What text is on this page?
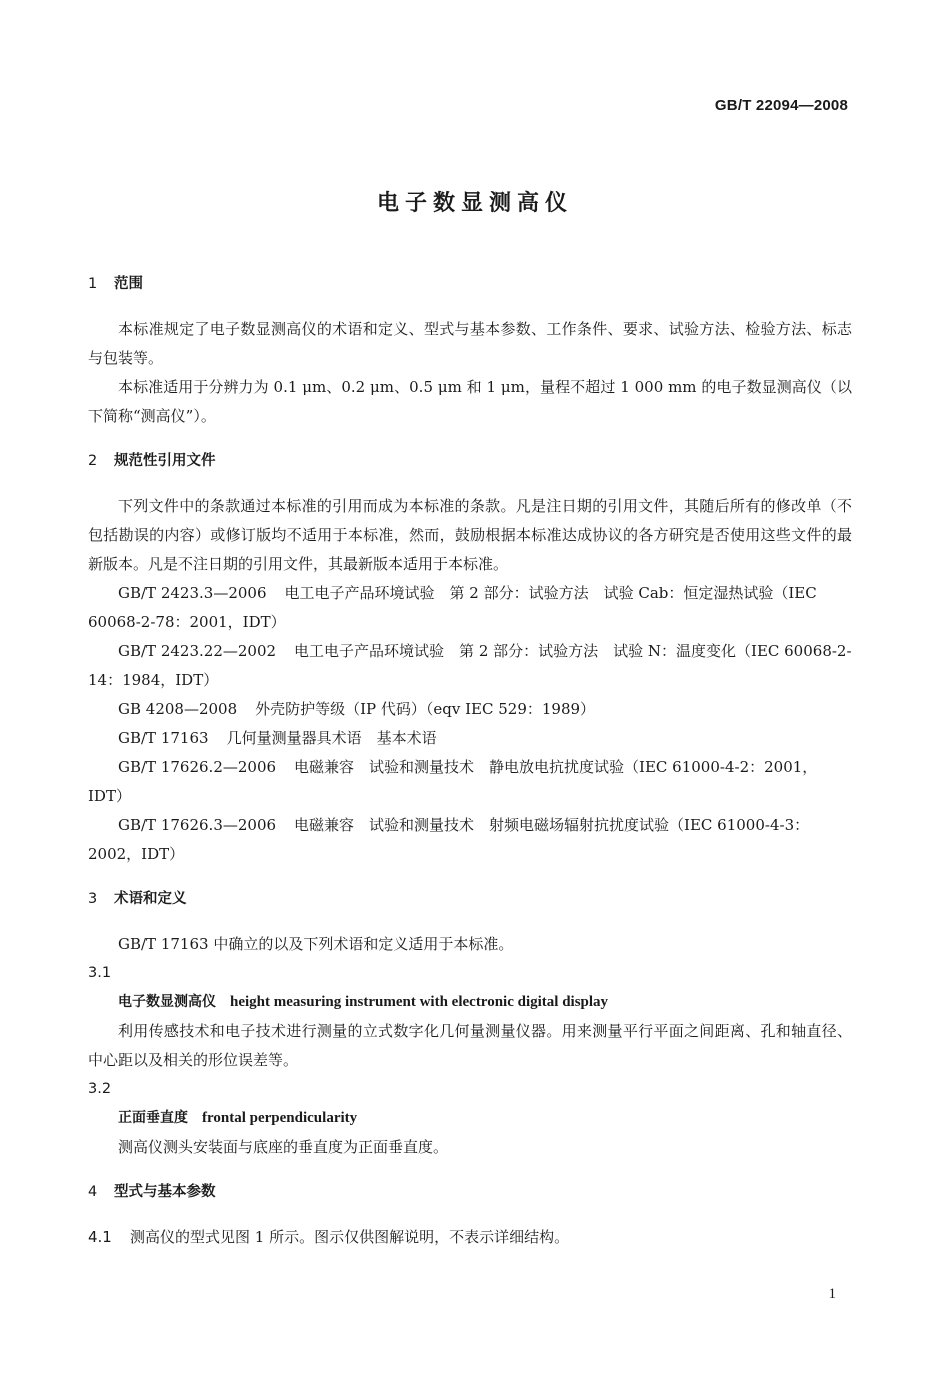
GB/T 22094—2008
电子数显测高仪

1 范围

本标准规定了电子数显测高仪的术语和定义、型式与基本参数、工作条件、要求、试验方法、检验方法、标志与包装等。

本标准适用于分辨力为 0.1 μm、0.2 μm、0.5 μm 和 1 μm，量程不超过 1 000 mm 的电子数显测高仪（以下简称“测高仪”）。

2 规范性引用文件

下列文件中的条款通过本标准的引用而成为本标准的条款。凡是注日期的引用文件，其随后所有的修改单（不包括勘误的内容）或修订版均不适用于本标准，然而，鼓励根据本标准达成协议的各方研究是否使用这些文件的最新版本。凡是不注日期的引用文件，其最新版本适用于本标准。

GB/T 2423.3—2006 电工电子产品环境试验　第 2 部分：试验方法　试验 Cab：恒定湿热试验（IEC 60068-2-78：2001，IDT）

GB/T 2423.22—2002 电工电子产品环境试验　第 2 部分：试验方法　试验 N：温度变化（IEC 60068-2-14：1984，IDT）

GB 4208—2008 外壳防护等级（IP 代码）（eqv IEC 529：1989）

GB/T 17163 几何量测量器具术语　基本术语

GB/T 17626.2—2006 电磁兼容　试验和测量技术　静电放电抗扰度试验（IEC 61000-4-2：2001，IDT）

GB/T 17626.3—2006 电磁兼容　试验和测量技术　射频电磁场辐射抗扰度试验（IEC 61000-4-3：2002，IDT）

3 术语和定义

GB/T 17163 中确立的以及下列术语和定义适用于本标准。

3.1

电子数显测高仪 height measuring instrument with electronic digital display

利用传感技术和电子技术进行测量的立式数字化几何量测量仪器。用来测量平行平面之间距离、孔和轴直径、中心距以及相关的形位误差等。

3.2

正面垂直度 frontal perpendicularity

测高仪测头安装面与底座的垂直度为正面垂直度。

4 型式与基本参数

4.1 测高仪的型式见图 1 所示。图示仅供图解说明，不表示详细结构。

1
